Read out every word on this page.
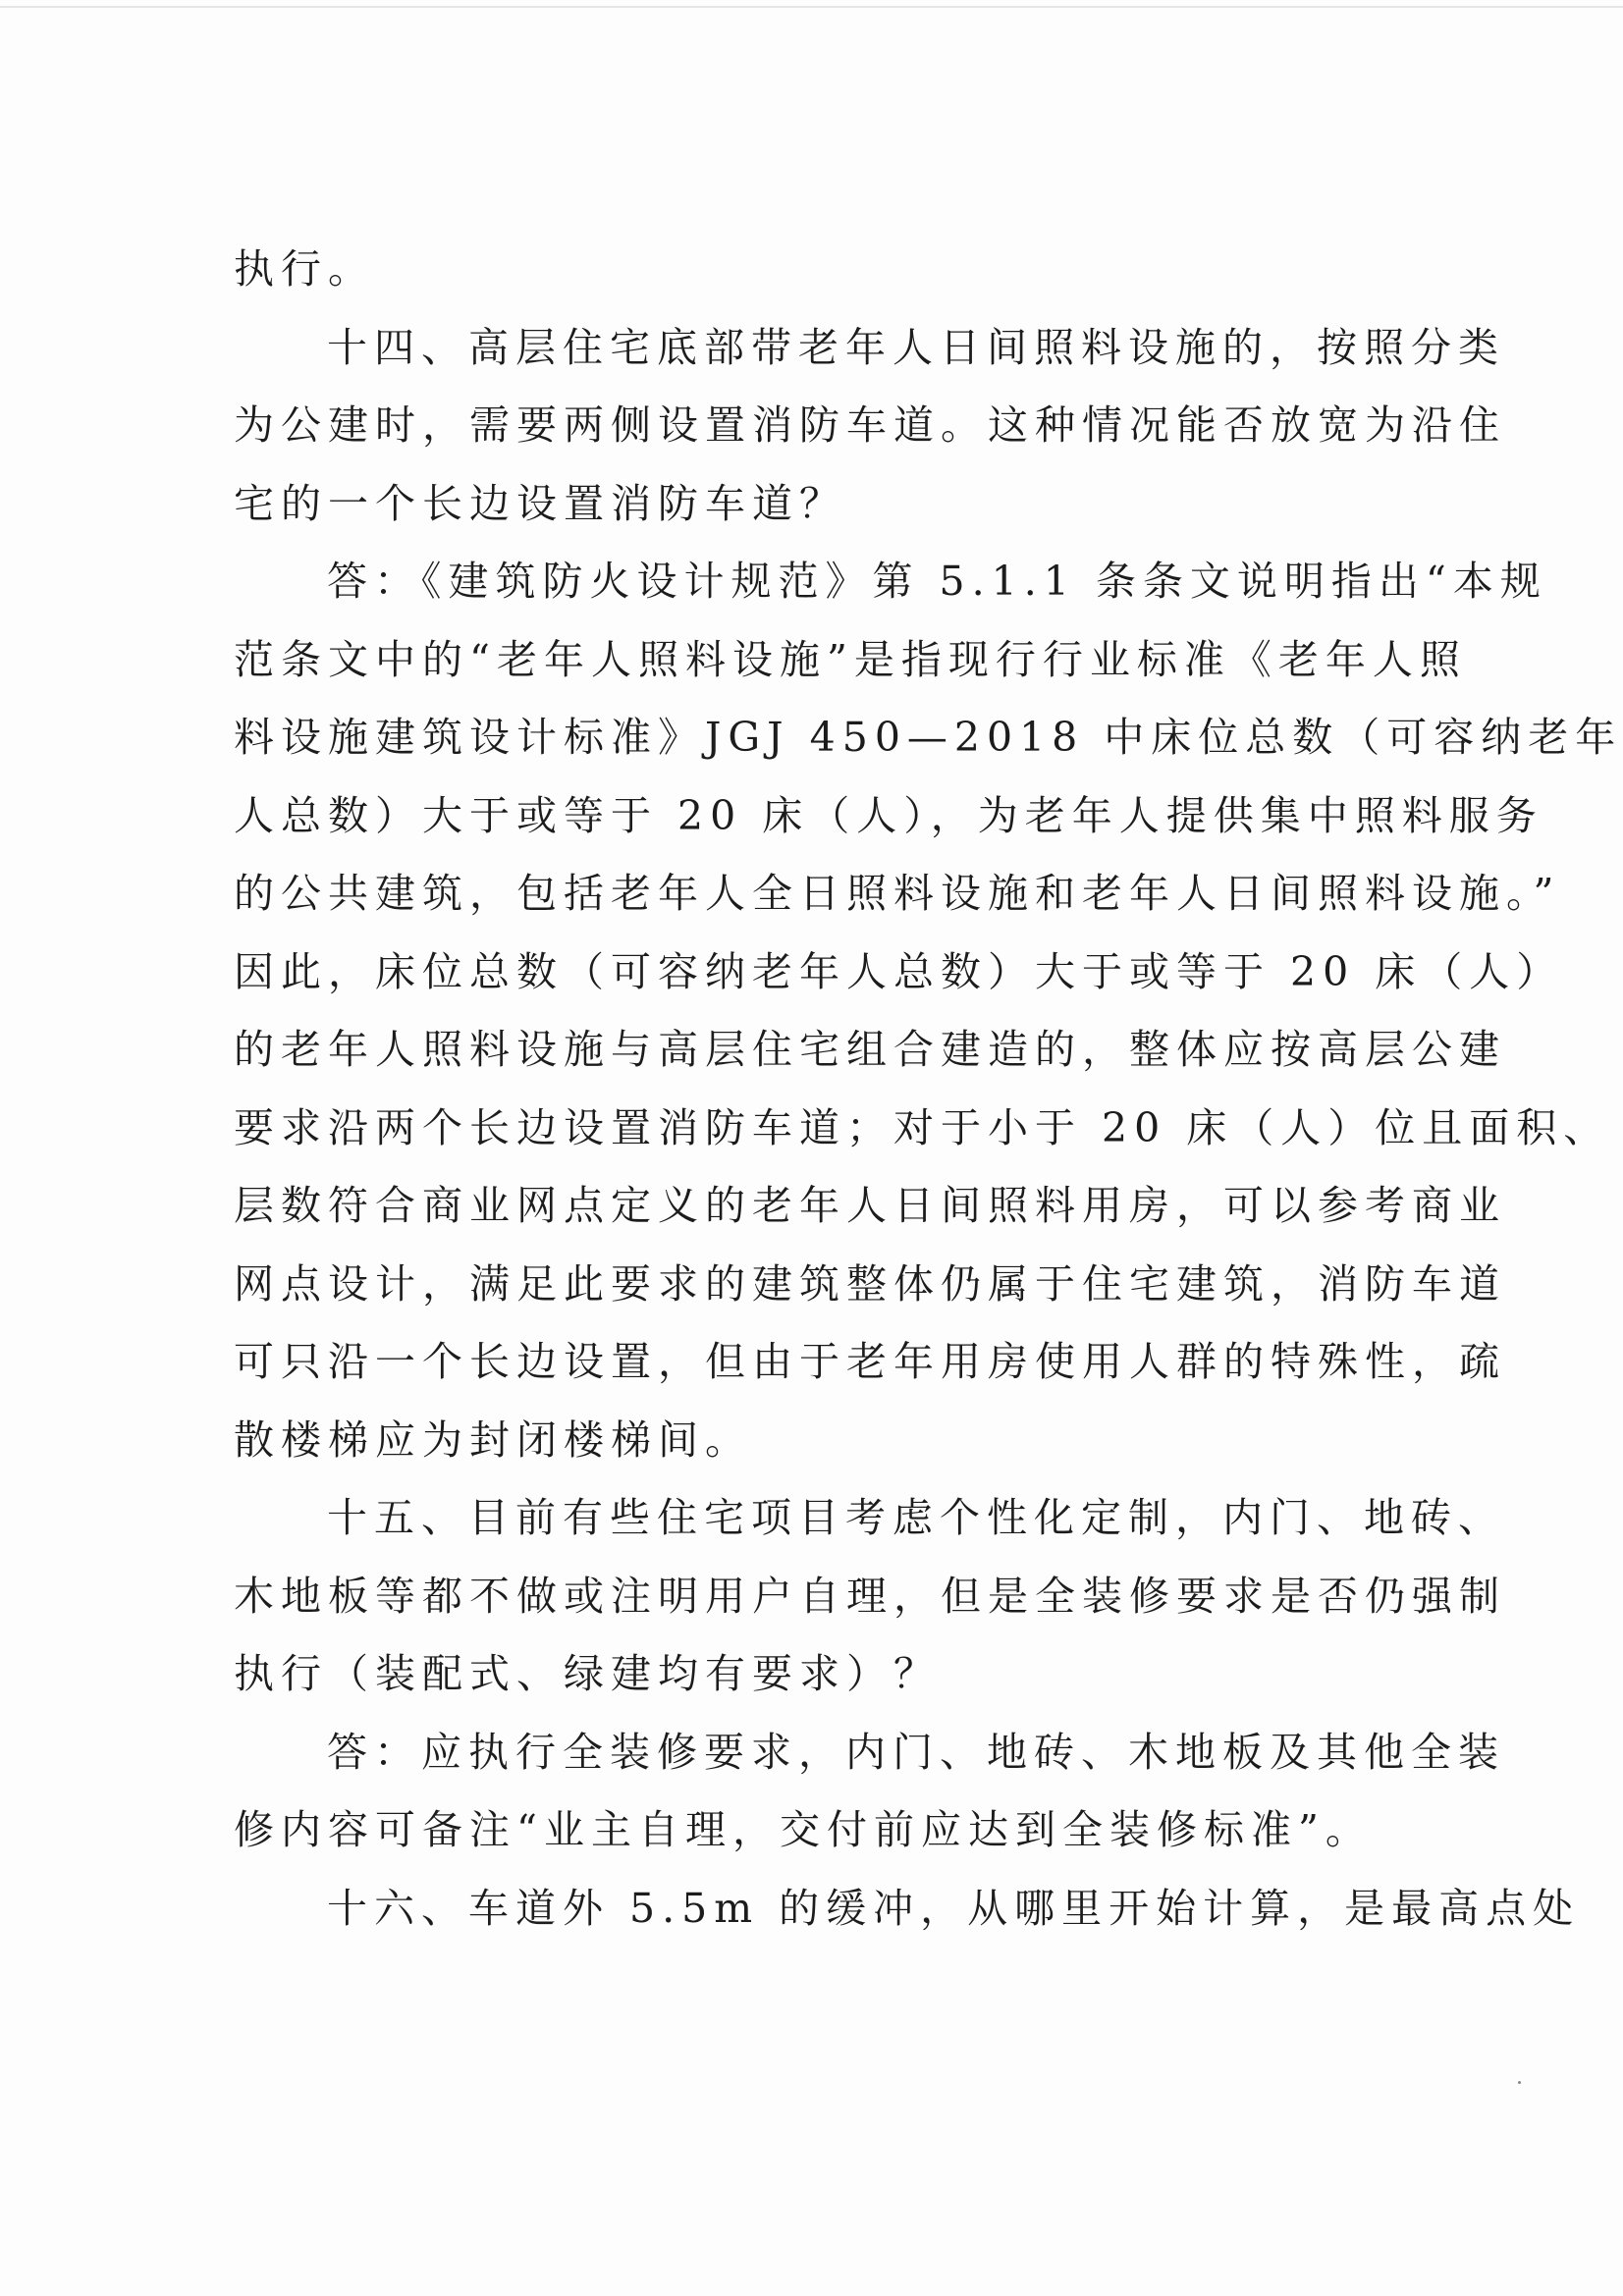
执行。
十四、高层住宅底部带老年人日间照料设施的，按照分类
为公建时，需要两侧设置消防车道。这种情况能否放宽为沿住
宅的一个长边设置消防车道？
答：《建筑防火设计规范》第 5.1.1 条条文说明指出“本规
范条文中的“老年人照料设施”是指现行行业标准《老年人照
料设施建筑设计标准》JGJ 450—2018 中床位总数（可容纳老年
人总数）大于或等于 20 床（人），为老年人提供集中照料服务
的公共建筑，包括老年人全日照料设施和老年人日间照料设施。”
因此，床位总数（可容纳老年人总数）大于或等于 20 床（人）
的老年人照料设施与高层住宅组合建造的，整体应按高层公建
要求沿两个长边设置消防车道；对于小于 20 床（人）位且面积、
层数符合商业网点定义的老年人日间照料用房，可以参考商业
网点设计，满足此要求的建筑整体仍属于住宅建筑，消防车道
可只沿一个长边设置，但由于老年用房使用人群的特殊性，疏
散楼梯应为封闭楼梯间。
十五、目前有些住宅项目考虑个性化定制，内门、地砖、
木地板等都不做或注明用户自理，但是全装修要求是否仍强制
执行（装配式、绿建均有要求）？
答：应执行全装修要求，内门、地砖、木地板及其他全装
修内容可备注“业主自理，交付前应达到全装修标准”。
十六、车道外 5.5m 的缓冲，从哪里开始计算，是最高点处
